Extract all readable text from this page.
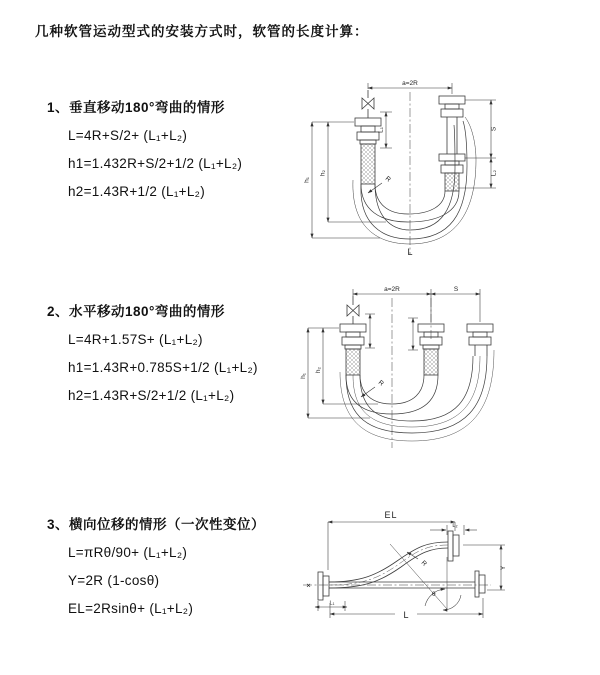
几种软管运动型式的安装方式时，软管的长度计算：
1、垂直移动180°弯曲的情形
L=4R+S/2+ (L₁+L₂)
h1=1.432R+S/2+1/2 (L₁+L₂)
h2=1.43R+1/2 (L₁+L₂)
2、水平移动180°弯曲的情形
L=4R+1.57S+ (L₁+L₂)
h1=1.43R+0.785S+1/2 (L₁+L₂)
h2=1.43R+S/2+1/2 (L₁+L₂)
3、横向位移的情形（一次性变位）
L=πRθ/90+ (L₁+L₂)
Y=2R (1-cosθ)
EL=2Rsinθ+ (L₁+L₂)
a=2R
h₁
h₂
L₁	S
L₂
R
L
a=2R	S
h₁
h₂
R
EL
L₂
Y
R
θ
L₁
L
✕
